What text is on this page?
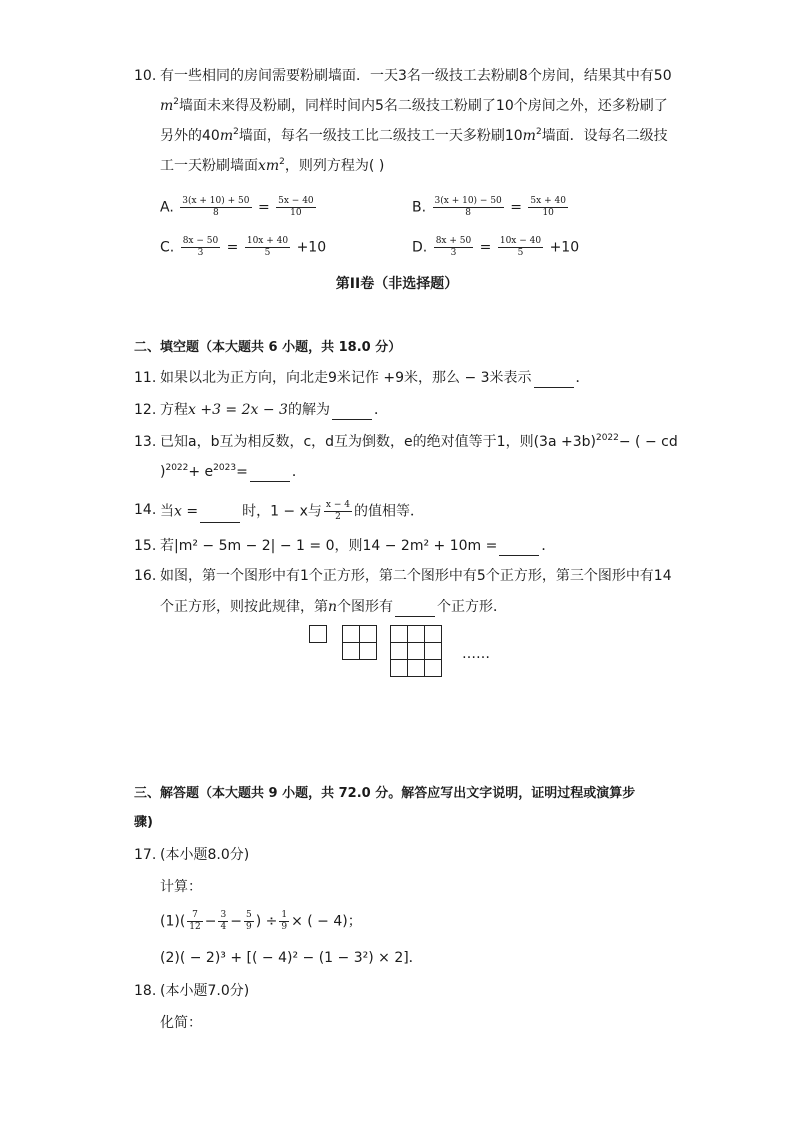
10. 有一些相同的房间需要粉刷墙面．一天3名一级技工去粉刷8个房间，结果其中有50
$m^2$墙面未来得及粉刷，同样时间内5名二级技工粉刷了10个房间之外，还多粉刷了
另外的$40m^2$墙面，每名一级技工比二级技工一天多粉刷$10m^2$墙面．设每名二级技
工一天粉刷墙面$xm^2$，则列方程为( )
A. $\frac{3(x + 10) + 50}{8} = \frac{5x - 40}{10}$	B. $\frac{3(x + 10) - 50}{8} = \frac{5x + 40}{10}$
C. $\frac{8x - 50}{3} = \frac{10x + 40}{5} +10$	D. $\frac{8x + 50}{3} = \frac{10x - 40}{5} +10$
第II卷（非选择题）
二、填空题（本大题共 6 小题，共 18.0 分）
11. 如果以北为正方向，向北走9米记作 +9米，那么 − 3米表示	．
12. 方程x +3 = 2x − 3的解为	．
13. 已知a，b互为相反数，c，d互为倒数，e的绝对值等于1，则$(3a +3b)^{2022}-$ ( − cd
)$^{2022}+ e^{2023}=$	．
14. 当x =	时，1 − x与 $\frac{x - 4}{2}$ 的值相等．
15. 若|m² − 5m − 2| − 1 = 0，则14 − 2m² + 10m =	．
16. 如图，第一个图形中有1个正方形，第二个图形中有5个正方形，第三个图形中有14
个正方形，则按此规律，第n个图形有	个正方形．

……
三、解答题（本大题共 9 小题，共 72.0 分。解答应写出文字说明，证明过程或演算步
骤)
17. (本小题8.0分)
计算：
$(1)( \frac{7}{12} - \frac{3}{4} - \frac{5}{9}$ ) ÷ $\frac{1}{9}$ × ( − 4)；
(2)( − 2)³ + [( − 4)² − (1 − 3²) × 2]．
18. (本小题7.0分)
化简：
